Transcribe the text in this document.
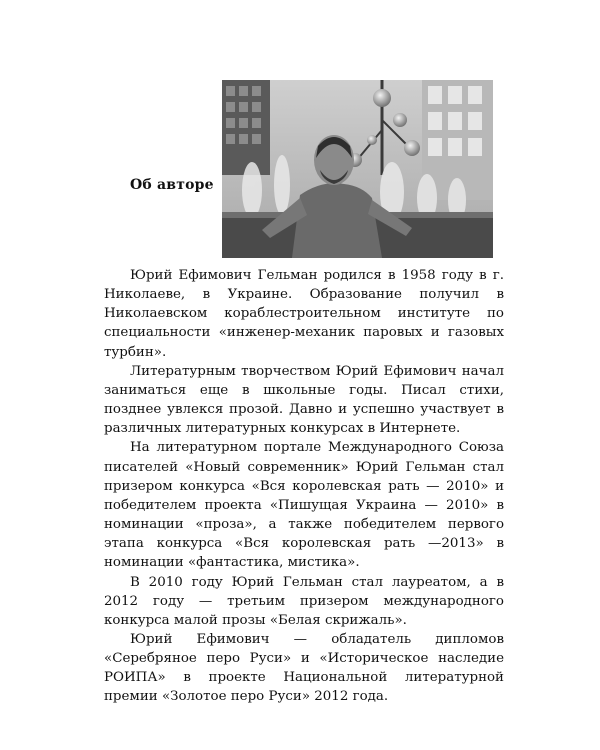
Об авторе

Юрий Ефимович Гельман родился в 1958 году в г. Николаеве, в Украине. Образование получил в Николаевском кораблестроительном институте по специальности «инженер-механик паровых и газовых турбин».

Литературным творчеством Юрий Ефимович начал заниматься еще в школьные годы. Писал стихи, позднее увлекся прозой. Давно и успешно участвует в различных литературных конкурсах в Интернете.

На литературном портале Международного Союза писателей «Новый современник» Юрий Гельман стал призером конкурса «Вся королевская рать — 2010» и победителем проекта «Пишущая Украина — 2010» в номинации «проза», а также победителем первого этапа конкурса «Вся королевская рать —2013» в номинации «фантастика, мистика».

В 2010 году Юрий Гельман стал лауреатом, а в 2012 году — третьим призером международного конкурса малой прозы «Белая скрижаль».

Юрий Ефимович — обладатель дипломов «Серебряное перо Руси» и «Историческое наследие РОИПА» в проекте Национальной литературной премии «Золотое перо Руси» 2012 года.
